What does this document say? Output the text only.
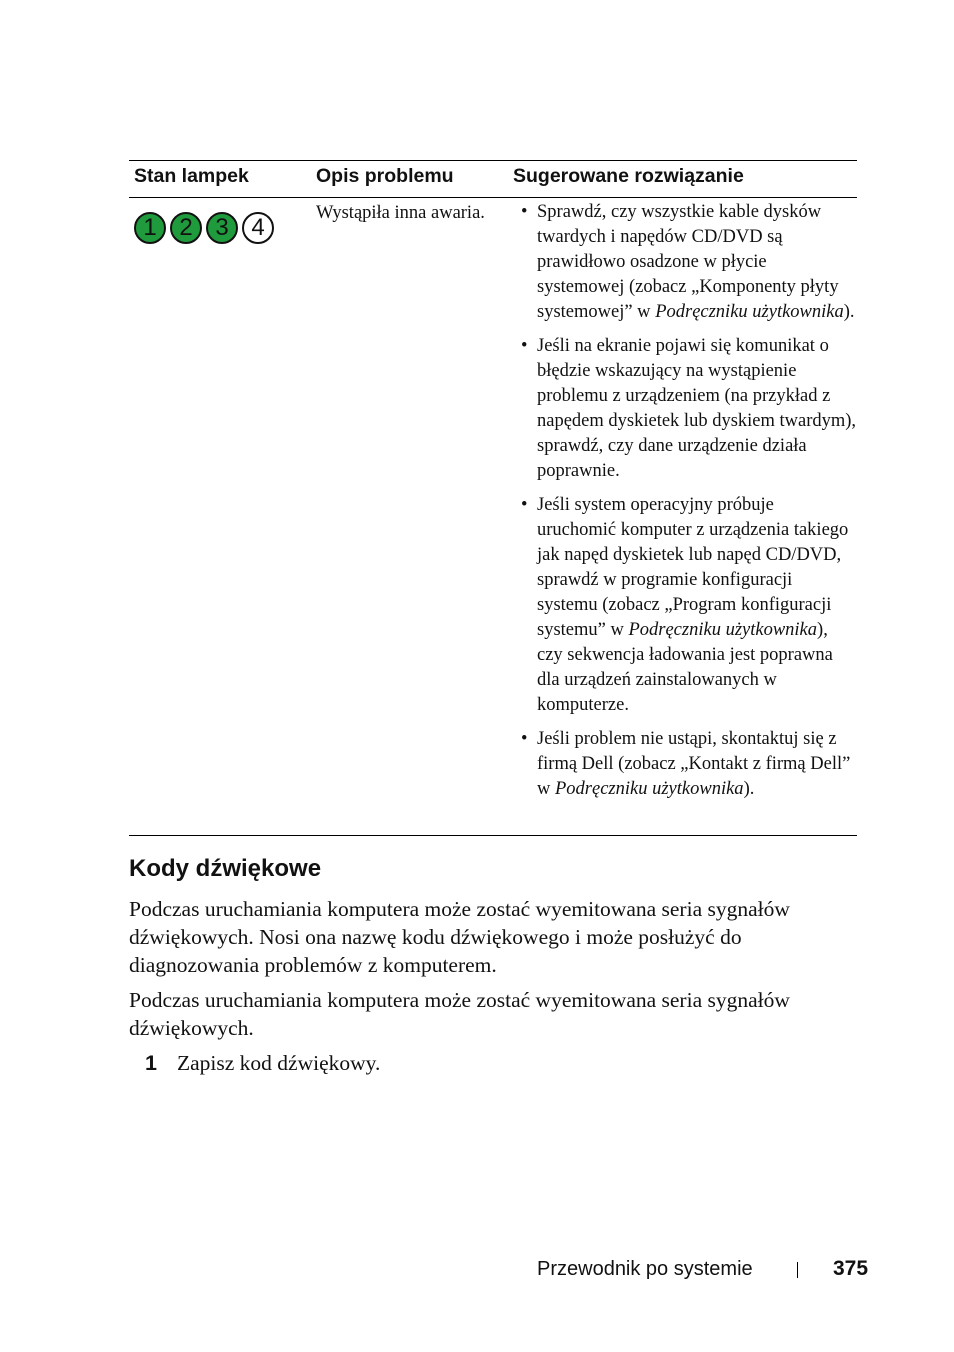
Stan lampek	Opis problemu	Sugerowane rozwiązanie
1 2 3 4
Wystąpiła inna awaria.
•	Sprawdź, czy wszystkie kable dysków twardych i napędów CD/DVD są prawidłowo osadzone w płycie systemowej (zobacz „Komponenty płyty systemowej” w Podręczniku użytkownika).
• Jeśli na ekranie pojawi się komunikat o błędzie wskazujący na wystąpienie problemu z urządzeniem (na przykład z napędem dyskietek lub dyskiem twardym), sprawdź, czy dane urządzenie działa poprawnie.
• Jeśli system operacyjny próbuje uruchomić komputer z urządzenia takiego jak napęd dyskietek lub napęd CD/DVD, sprawdź w programie konfiguracji systemu (zobacz „Program konfiguracji systemu” w Podręczniku użytkownika), czy sekwencja ładowania jest poprawna dla urządzeń zainstalowanych w komputerze.
• Jeśli problem nie ustąpi, skontaktuj się z firmą Dell (zobacz „Kontakt z firmą Dell” w Podręczniku użytkownika).
Kody dźwiękowe

Podczas uruchamiania komputera może zostać wyemitowana seria sygnałów dźwiękowych. Nosi ona nazwę kodu dźwiękowego i może posłużyć do diagnozowania problemów z komputerem.

Podczas uruchamiania komputera może zostać wyemitowana seria sygnałów dźwiękowych.

1 Zapisz kod dźwiękowy.
Przewodnik po systemie	375
